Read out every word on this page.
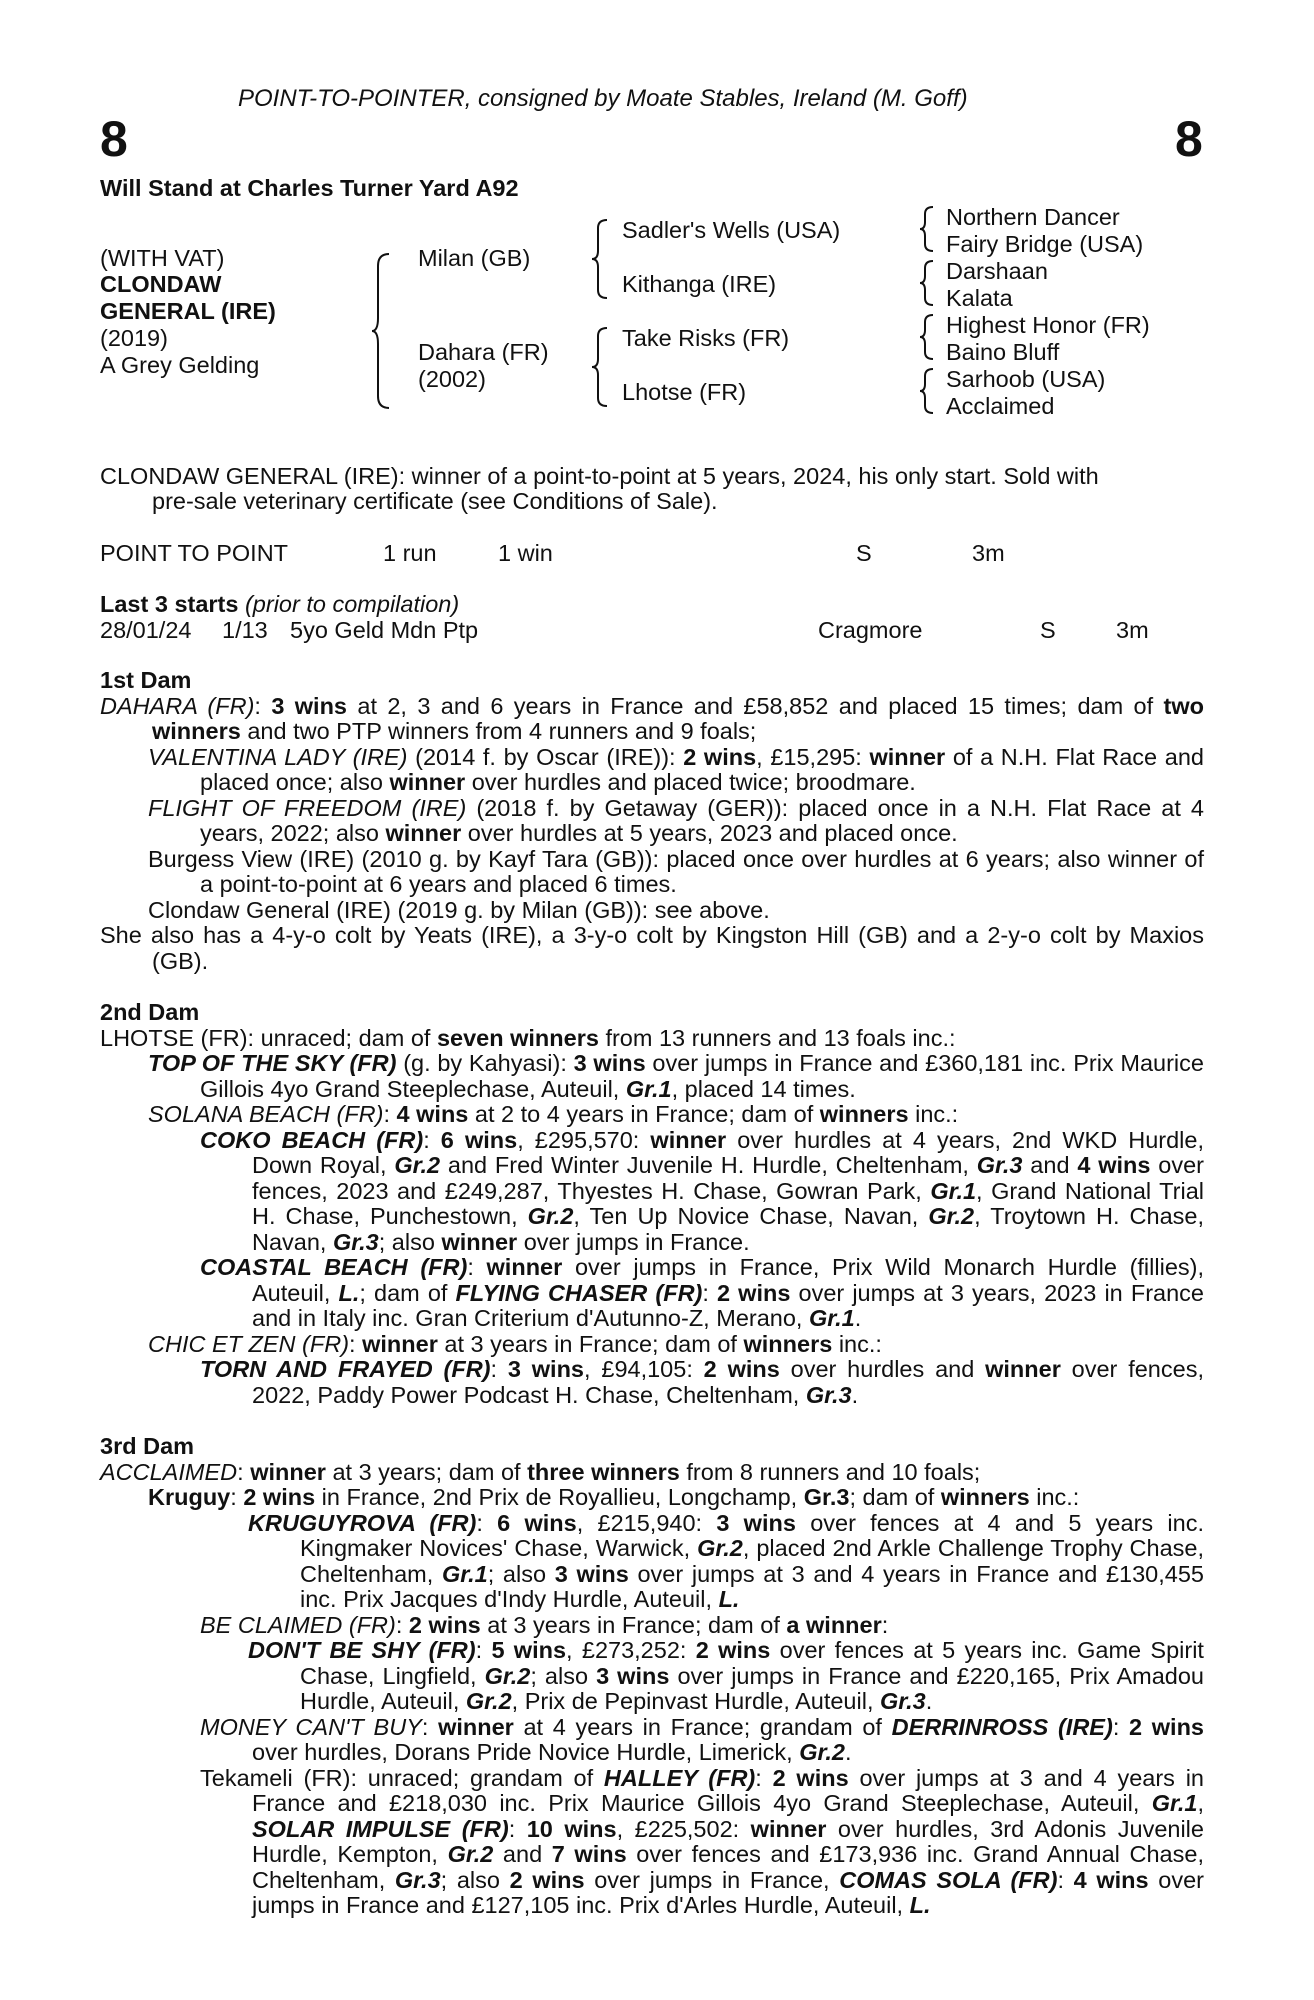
POINT-TO-POINTER, consigned by Moate Stables, Ireland (M. Goff)
8	8
Will Stand at Charles Turner Yard A92
(WITH VAT)
CLONDAW
GENERAL (IRE)
(2019)
A Grey Gelding
Milan (GB)
Dahara (FR)
(2002)
Sadler's Wells (USA)
Kithanga (IRE)
Take Risks (FR)
Lhotse (FR)
Northern Dancer
Fairy Bridge (USA)
Darshaan
Kalata
Highest Honor (FR)
Baino Bluff
Sarhoob (USA)
Acclaimed
CLONDAW GENERAL (IRE): winner of a point-to-point at 5 years, 2024, his only start. Sold with
pre-sale veterinary certificate (see Conditions of Sale).
POINT TO POINT	1 run	1 win	S	3m
Last 3 starts (prior to compilation)
28/01/24 1/13 5yo Geld Mdn Ptp	Cragmore	S	3m

1st Dam

DAHARA (FR): 3 wins at 2, 3 and 6 years in France and £58,852 and placed 15 times; dam of two winners and two PTP winners from 4 runners and 9 foals;

VALENTINA LADY (IRE) (2014 f. by Oscar (IRE)): 2 wins, £15,295: winner of a N.H. Flat Race and placed once; also winner over hurdles and placed twice; broodmare.

FLIGHT OF FREEDOM (IRE) (2018 f. by Getaway (GER)): placed once in a N.H. Flat Race at 4 years, 2022; also winner over hurdles at 5 years, 2023 and placed once.

Burgess View (IRE) (2010 g. by Kayf Tara (GB)): placed once over hurdles at 6 years; also winner of a point-to-point at 6 years and placed 6 times.

Clondaw General (IRE) (2019 g. by Milan (GB)): see above.

She also has a 4-y-o colt by Yeats (IRE), a 3-y-o colt by Kingston Hill (GB) and a 2-y-o colt by Maxios (GB).

2nd Dam

LHOTSE (FR): unraced; dam of seven winners from 13 runners and 13 foals inc.:

TOP OF THE SKY (FR) (g. by Kahyasi): 3 wins over jumps in France and £360,181 inc. Prix Maurice Gillois 4yo Grand Steeplechase, Auteuil, Gr.1, placed 14 times.

SOLANA BEACH (FR): 4 wins at 2 to 4 years in France; dam of winners inc.:

COKO BEACH (FR): 6 wins, £295,570: winner over hurdles at 4 years, 2nd WKD Hurdle, Down Royal, Gr.2 and Fred Winter Juvenile H. Hurdle, Cheltenham, Gr.3 and 4 wins over fences, 2023 and £249,287, Thyestes H. Chase, Gowran Park, Gr.1, Grand National Trial H. Chase, Punchestown, Gr.2, Ten Up Novice Chase, Navan, Gr.2, Troytown H. Chase, Navan, Gr.3; also winner over jumps in France.

COASTAL BEACH (FR): winner over jumps in France, Prix Wild Monarch Hurdle (fillies), Auteuil, L.; dam of FLYING CHASER (FR): 2 wins over jumps at 3 years, 2023 in France and in Italy inc. Gran Criterium d'Autunno-Z, Merano, Gr.1.

CHIC ET ZEN (FR): winner at 3 years in France; dam of winners inc.:

TORN AND FRAYED (FR): 3 wins, £94,105: 2 wins over hurdles and winner over fences, 2022, Paddy Power Podcast H. Chase, Cheltenham, Gr.3.

3rd Dam

ACCLAIMED: winner at 3 years; dam of three winners from 8 runners and 10 foals;

Kruguy: 2 wins in France, 2nd Prix de Royallieu, Longchamp, Gr.3; dam of winners inc.:

KRUGUYROVA (FR): 6 wins, £215,940: 3 wins over fences at 4 and 5 years inc. Kingmaker Novices' Chase, Warwick, Gr.2, placed 2nd Arkle Challenge Trophy Chase, Cheltenham, Gr.1; also 3 wins over jumps at 3 and 4 years in France and £130,455 inc. Prix Jacques d'Indy Hurdle, Auteuil, L.

BE CLAIMED (FR): 2 wins at 3 years in France; dam of a winner:

DON'T BE SHY (FR): 5 wins, £273,252: 2 wins over fences at 5 years inc. Game Spirit Chase, Lingfield, Gr.2; also 3 wins over jumps in France and £220,165, Prix Amadou Hurdle, Auteuil, Gr.2, Prix de Pepinvast Hurdle, Auteuil, Gr.3.

MONEY CAN'T BUY: winner at 4 years in France; grandam of DERRINROSS (IRE): 2 wins over hurdles, Dorans Pride Novice Hurdle, Limerick, Gr.2.

Tekameli (FR): unraced; grandam of HALLEY (FR): 2 wins over jumps at 3 and 4 years in France and £218,030 inc. Prix Maurice Gillois 4yo Grand Steeplechase, Auteuil, Gr.1, SOLAR IMPULSE (FR): 10 wins, £225,502: winner over hurdles, 3rd Adonis Juvenile Hurdle, Kempton, Gr.2 and 7 wins over fences and £173,936 inc. Grand Annual Chase, Cheltenham, Gr.3; also 2 wins over jumps in France, COMAS SOLA (FR): 4 wins over jumps in France and £127,105 inc. Prix d'Arles Hurdle, Auteuil, L.
